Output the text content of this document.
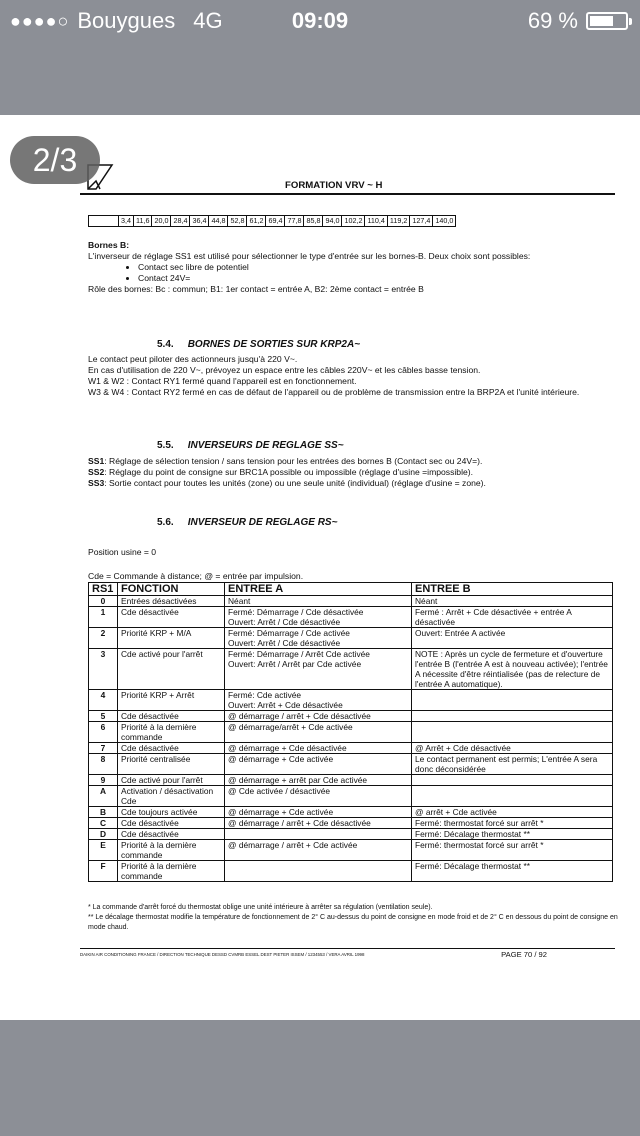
●●●●○ Bouygues 4G	09:09	69 %
2/3
FORMATION VRV ~ H
3,4 11,6 20,0 28,4 36,4 44,8 52,8 61,2 69,4 77,8 85,8 94,0 102,2 110,4 119,2 127,4 140,0
Bornes B:
L'inverseur de réglage SS1 est utilisé pour sélectionner le type d'entrée sur les bornes-B. Deux choix sont possibles:
• Contact sec libre de potentiel
• Contact 24V=
Rôle des bornes: Bc : commun; B1: 1er contact = entrée A, B2: 2ème contact = entrée B
5.4. BORNES DE SORTIES SUR KRP2A~
Le contact peut piloter des actionneurs jusqu'à 220 V~.
En cas d'utilisation de 220 V~, prévoyez un espace entre les câbles 220V~ et les câbles basse tension.
W1 & W2 : Contact RY1 fermé quand l'appareil est en fonctionnement.
W3 & W4 : Contact RY2 fermé en cas de défaut de l'appareil ou de problème de transmission entre la BRP2A et l'unité intérieure.
5.5. INVERSEURS DE REGLAGE SS~
SS1: Réglage de sélection tension / sans tension pour les entrées des bornes B (Contact sec ou 24V=).
SS2: Réglage du point de consigne sur BRC1A possible ou impossible (réglage d'usine =impossible).
SS3: Sortie contact pour toutes les unités (zone) ou une seule unité (individual) (réglage d'usine = zone).
5.6. INVERSEUR DE REGLAGE RS~
Position usine = 0
Cde = Commande à distance; @ = entrée par impulsion.
RS1	FONCTION	ENTREE A	ENTREE B
0	Entrées désactivées	Néant	Néant
1	Cde désactivée	Fermé: Démarrage / Cde désactivée
Ouvert: Arrêt / Cde désactivée	Fermé : Arrêt + Cde désactivée + entrée A désactivée
2	Priorité KRP + M/A	Fermé: Démarrage / Cde activée
Ouvert: Arrêt / Cde désactivée	Ouvert: Entrée A activée
3	Cde activé pour l'arrêt	Fermé: Démarrage / Arrêt Cde activée
Ouvert: Arrêt / Arrêt par Cde activée	NOTE : Après un cycle de fermeture et d'ouverture l'entrée B (l'entrée A est à nouveau activée); l'entrée A nécessite d'être réintialisée (pas de relecture de l'entrée A automatique).
4	Priorité KRP + Arrêt	Fermé: Cde activée
Ouvert: Arrêt + Cde désactivée	
5	Cde désactivée	@ démarrage / arrêt + Cde désactivée	
6	Priorité à la dernière commande	@ démarrage/arrêt + Cde activée	
7	Cde désactivée	@ démarrage + Cde désactivée	@ Arrêt + Cde désactivée
8	Priorité centralisée	@ démarrage + Cde activée	Le contact permanent est permis; L'entrée A sera donc déconsidérée
9	Cde activé pour l'arrêt	@ démarrage + arrêt par Cde activée	
A	Activation / désactivation Cde	@ Cde activée / désactivée	
B	Cde toujours activée	@ démarrage + Cde activée	@ arrêt + Cde activée
C	Cde désactivée	@ démarrage / arrêt + Cde désactivée	Fermé: thermostat forcé sur arrêt *
D	Cde désactivée		Fermé: Décalage thermostat **
E	Priorité à la dernière commande	@ démarrage / arrêt + Cde activée	Fermé: thermostat forcé sur arrêt *
F	Priorité à la dernière commande		Fermé: Décalage thermostat **
* La commande d'arrêt forcé du thermostat oblige une unité intérieure à arrêter sa régulation (ventilation seule).
** Le décalage thermostat modifie la température de fonctionnement de 2° C au-dessus du point de consigne en mode froid et de 2° C en dessous du point de consigne en mode chaud.
DAIKIN AIR CONDITIONING FRANCE / DIRECTION TECHNIQUE DESSD CVMRB ESSEL DEST PIETER ISSEM / 1234553 / VERA AVRIL 1998	PAGE 70 / 92
